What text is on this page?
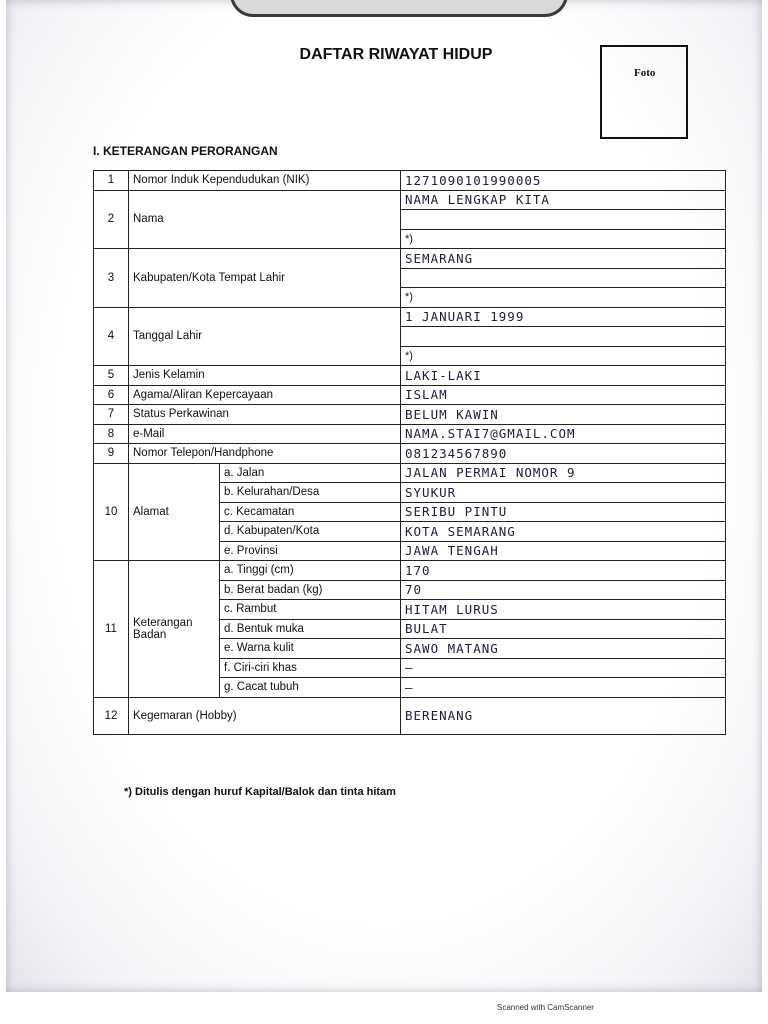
DAFTAR RIWAYAT HIDUP
Foto
I. KETERANGAN PERORANGAN
1	Nomor Induk Kependudukan (NIK)		1271090101990005
2	Nama		NAMA LENGKAP KITA

			*)
3	Kabupaten/Kota Tempat Lahir		SEMARANG

			*)
4	Tanggal Lahir		1 JANUARI 1999

			*)
5	Jenis Kelamin		LAKI-LAKI
6	Agama/Aliran Kepercayaan		ISLAM
7	Status Perkawinan		BELUM KAWIN
8	e-Mail		NAMA.STAI7@GMAIL.COM
9	Nomor Telepon/Handphone		081234567890
10	Alamat	a. Jalan	JALAN PERMAI NOMOR 9
		b. Kelurahan/Desa	SYUKUR
		c. Kecamatan	SERIBU PINTU
		d. Kabupaten/Kota	KOTA SEMARANG
		e. Provinsi	JAWA TENGAH
11	Keterangan Badan	a. Tinggi (cm)	170
		b. Berat badan (kg)	70
		c. Rambut	HITAM LURUS
		d. Bentuk muka	BULAT
		e. Warna kulit	SAWO MATANG
		f. Ciri-ciri khas	–
		g. Cacat tubuh	–
12	Kegemaran (Hobby)		BERENANG
*) Ditulis dengan huruf Kapital/Balok dan tinta hitam
Scanned with CamScanner
